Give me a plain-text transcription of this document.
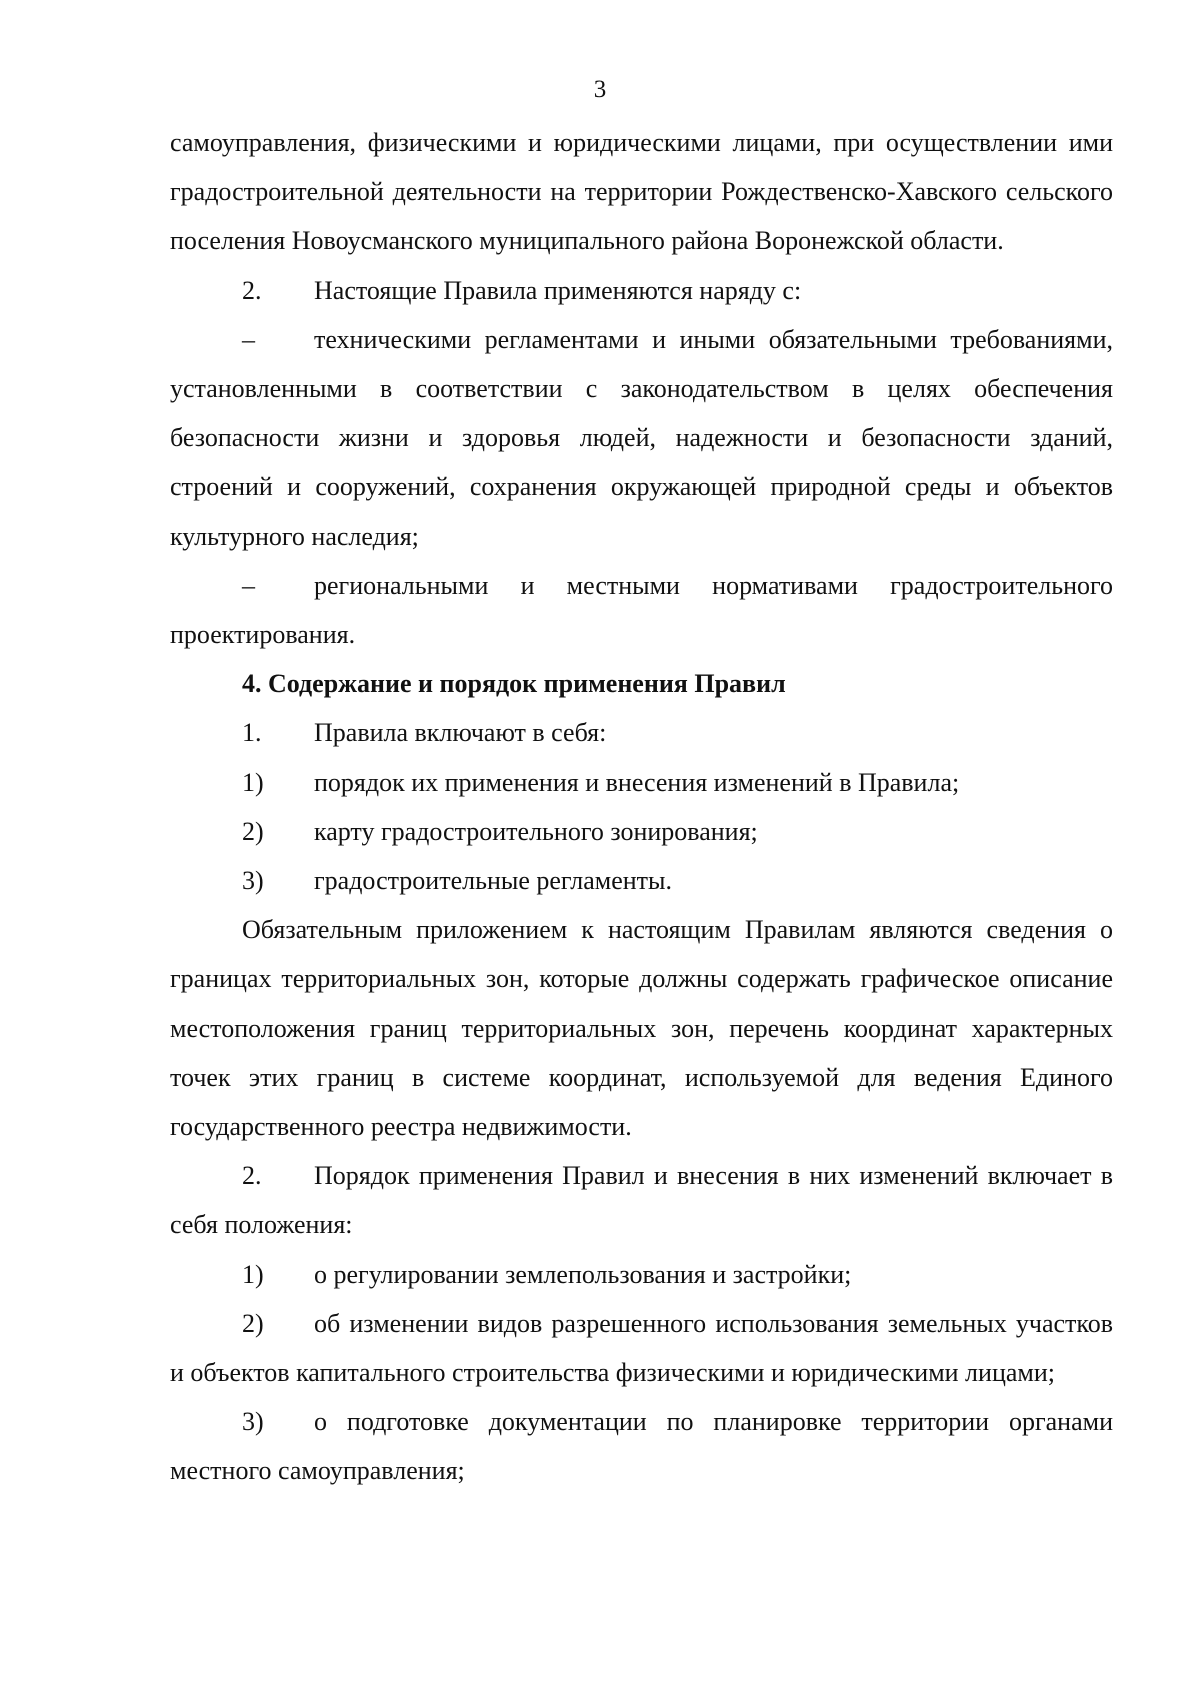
3

самоуправления, физическими и юридическими лицами, при осуществлении ими градостроительной деятельности на территории Рождественско-Хавского сельского поселения Новоусманского муниципального района Воронежской области.

2.	Настоящие Правила применяются наряду с:

– техническими регламентами и иными обязательными требованиями, установленными в соответствии с законодательством в целях обеспечения безопасности жизни и здоровья людей, надежности и безопасности зданий, строений и сооружений, сохранения окружающей природной среды и объектов культурного наследия;

– региональными и местными нормативами градостроительного проектирования.

4. Содержание и порядок применения Правил

1.	Правила включают в себя:
1)	порядок их применения и внесения изменений в Правила;
2)	карту градостроительного зонирования;
3)	градостроительные регламенты.

Обязательным приложением к настоящим Правилам являются сведения о границах территориальных зон, которые должны содержать графическое описание местоположения границ территориальных зон, перечень координат характерных точек этих границ в системе координат, используемой для ведения Единого государственного реестра недвижимости.

2. Порядок применения Правил и внесения в них изменений включает в себя положения:

1) о регулировании землепользования и застройки;

2) об изменении видов разрешенного использования земельных участков и объектов капитального строительства физическими и юридическими лицами;

3) о подготовке документации по планировке территории органами местного самоуправления;
